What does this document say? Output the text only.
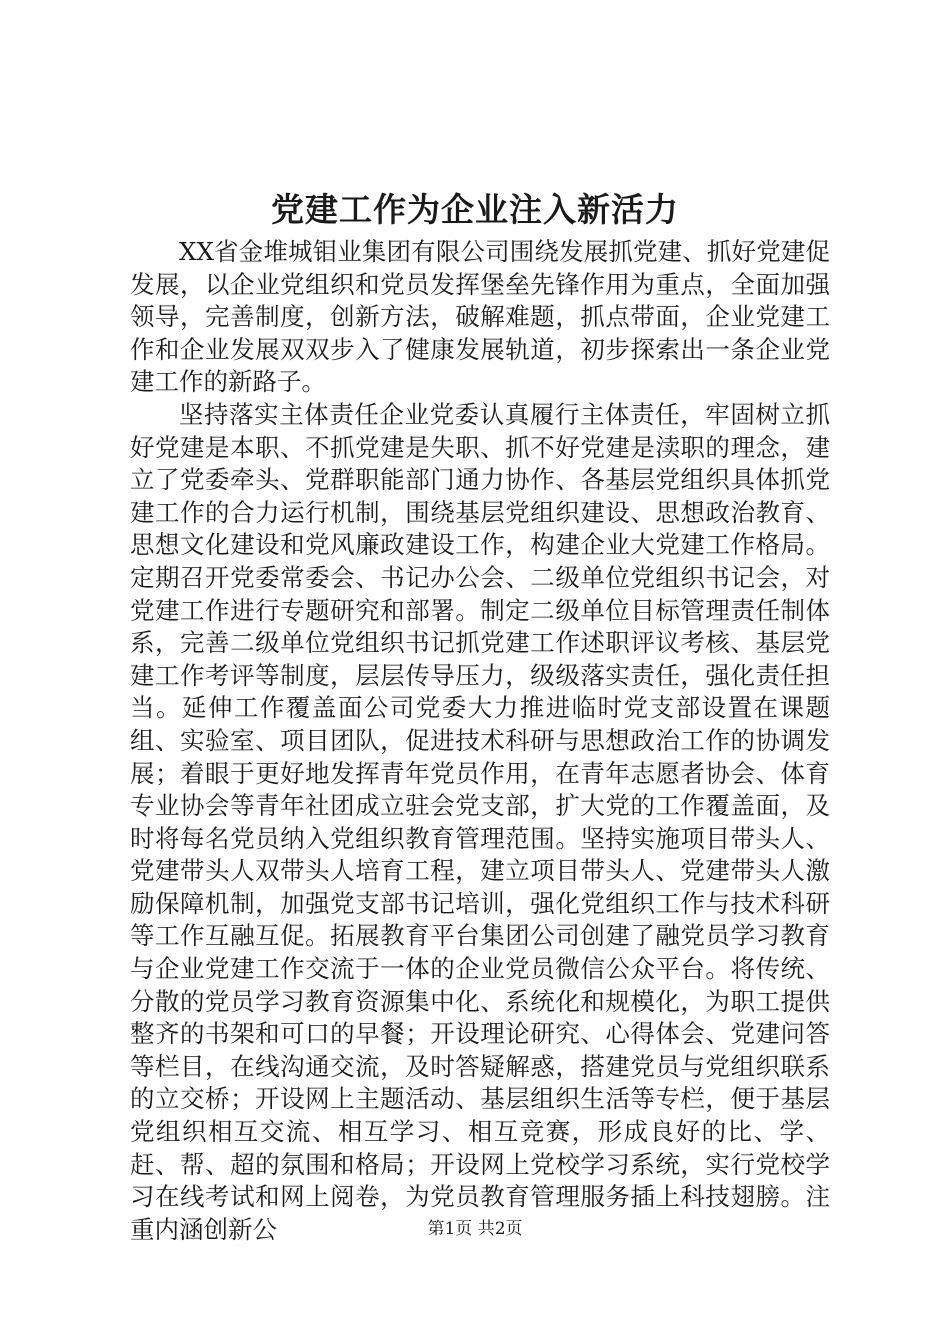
党建工作为企业注入新活力

XX省金堆城钼业集团有限公司围绕发展抓党建、抓好党建促发展，以企业党组织和党员发挥堡垒先锋作用为重点，全面加强领导，完善制度，创新方法，破解难题，抓点带面，企业党建工作和企业发展双双步入了健康发展轨道，初步探索出一条企业党建工作的新路子。

坚持落实主体责任企业党委认真履行主体责任，牢固树立抓好党建是本职、不抓党建是失职、抓不好党建是渎职的理念，建立了党委牵头、党群职能部门通力协作、各基层党组织具体抓党建工作的合力运行机制，围绕基层党组织建设、思想政治教育、思想文化建设和党风廉政建设工作，构建企业大党建工作格局。定期召开党委常委会、书记办公会、二级单位党组织书记会，对党建工作进行专题研究和部署。制定二级单位目标管理责任制体系，完善二级单位党组织书记抓党建工作述职评议考核、基层党建工作考评等制度，层层传导压力，级级落实责任，强化责任担当。延伸工作覆盖面公司党委大力推进临时党支部设置在课题组、实验室、项目团队，促进技术科研与思想政治工作的协调发展；着眼于更好地发挥青年党员作用，在青年志愿者协会、体育专业协会等青年社团成立驻会党支部，扩大党的工作覆盖面，及时将每名党员纳入党组织教育管理范围。坚持实施项目带头人、党建带头人双带头人培育工程，建立项目带头人、党建带头人激励保障机制，加强党支部书记培训，强化党组织工作与技术科研等工作互融互促。拓展教育平台集团公司创建了融党员学习教育与企业党建工作交流于一体的企业党员微信公众平台。将传统、分散的党员学习教育资源集中化、系统化和规模化，为职工提供整齐的书架和可口的早餐；开设理论研究、心得体会、党建问答等栏目，在线沟通交流，及时答疑解惑，搭建党员与党组织联系的立交桥；开设网上主题活动、基层组织生活等专栏，便于基层党组织相互交流、相互学习、相互竞赛，形成良好的比、学、赶、帮、超的氛围和格局；开设网上党校学习系统，实行党校学习在线考试和网上阅卷，为党员教育管理服务插上科技翅膀。注重内涵创新公	第1页 共2页
